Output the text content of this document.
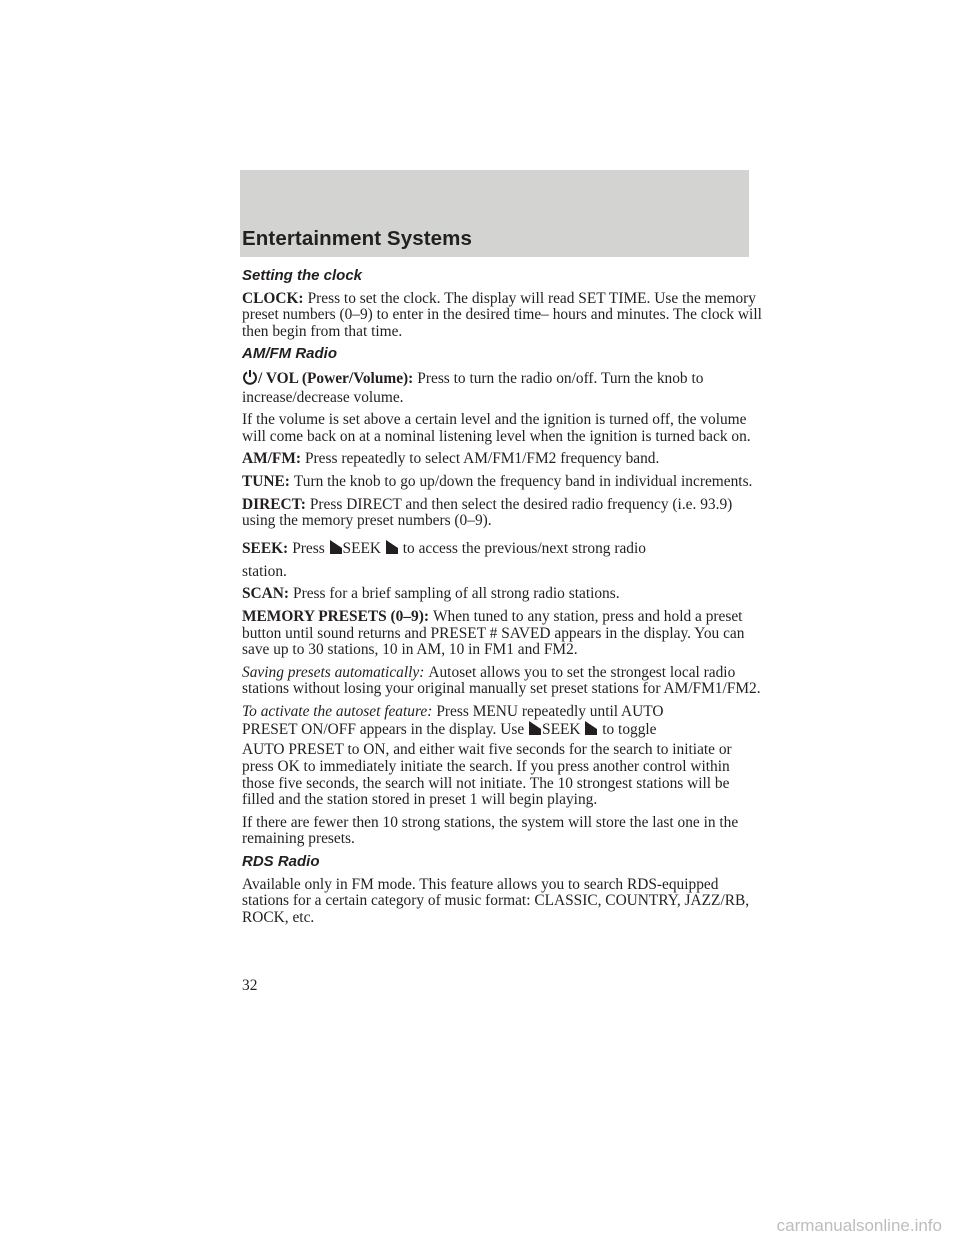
Entertainment Systems
Setting the clock

CLOCK: Press to set the clock. The display will read SET TIME. Use the memory preset numbers (0–9) to enter in the desired time– hours and minutes. The clock will then begin from that time.

AM/FM Radio

/ VOL (Power/Volume): Press to turn the radio on/off. Turn the knob to increase/decrease volume.

If the volume is set above a certain level and the ignition is turned off, the volume will come back on at a nominal listening level when the ignition is turned back on.

AM/FM: Press repeatedly to select AM/FM1/FM2 frequency band.

TUNE: Turn the knob to go up/down the frequency band in individual increments.

DIRECT: Press DIRECT and then select the desired radio frequency (i.e. 93.9) using the memory preset numbers (0–9).

SEEK: Press SEEK to access the previous/next strong radio

station.

SCAN: Press for a brief sampling of all strong radio stations.

MEMORY PRESETS (0–9): When tuned to any station, press and hold a preset button until sound returns and PRESET # SAVED appears in the display. You can save up to 30 stations, 10 in AM, 10 in FM1 and FM2.

Saving presets automatically: Autoset allows you to set the strongest local radio stations without losing your original manually set preset stations for AM/FM1/FM2.

To activate the autoset feature: Press MENU repeatedly until AUTO

PRESET ON/OFF appears in the display. Use SEEK to toggle

AUTO PRESET to ON, and either wait five seconds for the search to initiate or press OK to immediately initiate the search. If you press another control within those five seconds, the search will not initiate. The 10 strongest stations will be filled and the station stored in preset 1 will begin playing.

If there are fewer then 10 strong stations, the system will store the last one in the remaining presets.

RDS Radio

Available only in FM mode. This feature allows you to search RDS-equipped stations for a certain category of music format: CLASSIC, COUNTRY, JAZZ/RB, ROCK, etc.

32
carmanualsonline.info
